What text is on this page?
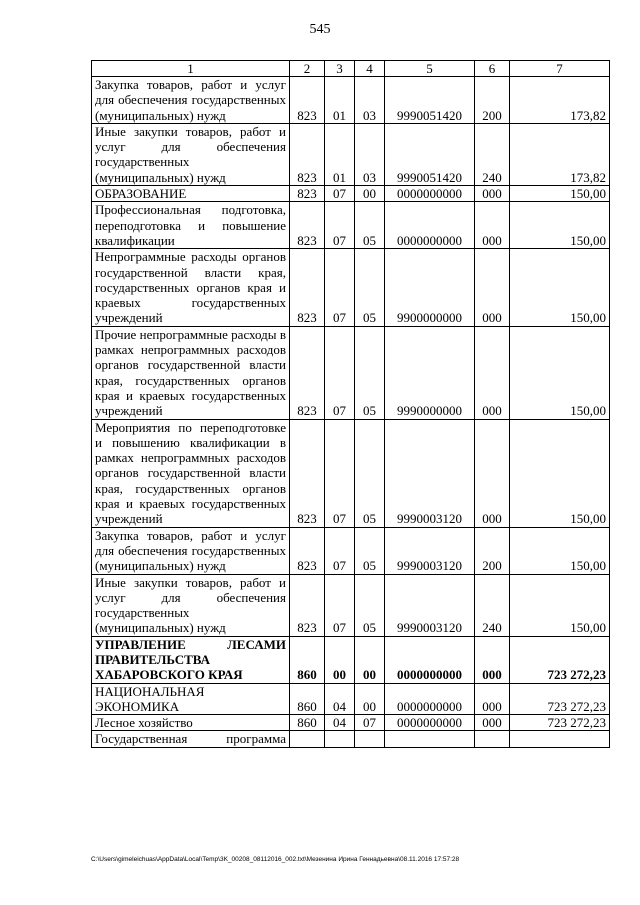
545
1	2	3	4	5	6	7
Закупка товаров, работ и услуг для обеспечения государственных (муниципальных) нужд	823	01	03	9990051420	200	173,82
Иные закупки товаров, работ и услуг для обеспечения государственных (муниципальных) нужд	823	01	03	9990051420	240	173,82
ОБРАЗОВАНИЕ	823	07	00	0000000000	000	150,00
Профессиональная подготовка, переподготовка и повышение квалификации	823	07	05	0000000000	000	150,00
Непрограммные расходы органов государственной власти края, государственных органов края и краевых государственных учреждений	823	07	05	9900000000	000	150,00
Прочие непрограммные расходы в рамках непрограммных расходов органов государственной власти края, государственных органов края и краевых государственных учреждений	823	07	05	9990000000	000	150,00
Мероприятия по переподготовке и повышению квалификации в рамках непрограммных расходов органов государственной власти края, государственных органов края и краевых государственных учреждений	823	07	05	9990003120	000	150,00
Закупка товаров, работ и услуг для обеспечения государственных (муниципальных) нужд	823	07	05	9990003120	200	150,00
Иные закупки товаров, работ и услуг для обеспечения государственных (муниципальных) нужд	823	07	05	9990003120	240	150,00
УПРАВЛЕНИЕ ЛЕСАМИ ПРАВИТЕЛЬСТВА ХАБАРОВСКОГО КРАЯ	860	00	00	0000000000	000	723 272,23
НАЦИОНАЛЬНАЯ ЭКОНОМИКА	860	04	00	0000000000	000	723 272,23
Лесное хозяйство	860	04	07	0000000000	000	723 272,23
Государственная программа						
C:\Users\gimeleichuas\AppData\Local\Temp\3K_00208_08112016_002.txt\Мезенина Ирина Геннадьевна\08.11.2016 17:57:28
